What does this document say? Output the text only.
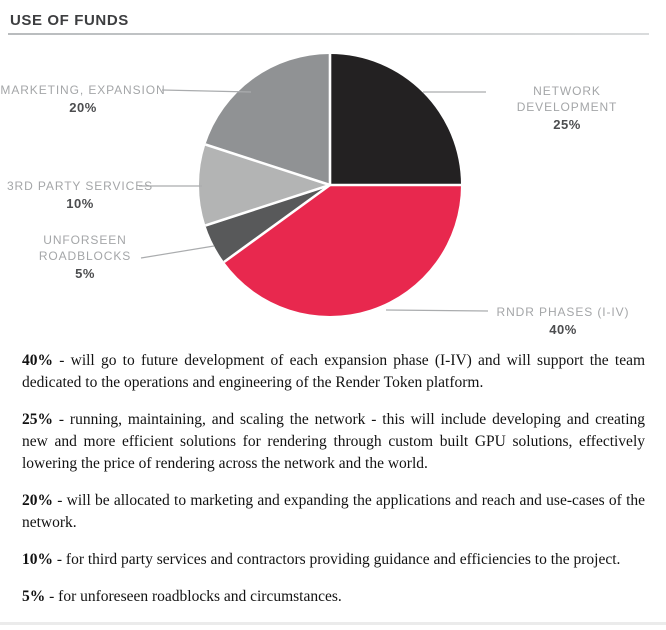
USE OF FUNDS
MARKETING, EXPANSION
20%
3RD PARTY SERVICES
10%
UNFORSEEN ROADBLOCKS
5%
NETWORK DEVELOPMENT
25%
RNDR PHASES (I-IV)
40%

40% - will go to future development of each expansion phase (I-IV) and will support the team dedicated to the operations and engineering of the Render Token platform.

25% - running, maintaining, and scaling the network - this will include developing and creating new and more efficient solutions for rendering through custom built GPU solutions, effectively lowering the price of rendering across the network and the world.

20% - will be allocated to marketing and expanding the applications and reach and use-cases of the network.

10% - for third party services and contractors providing guidance and efficiencies to the project.

5% - for unforeseen roadblocks and circumstances.
